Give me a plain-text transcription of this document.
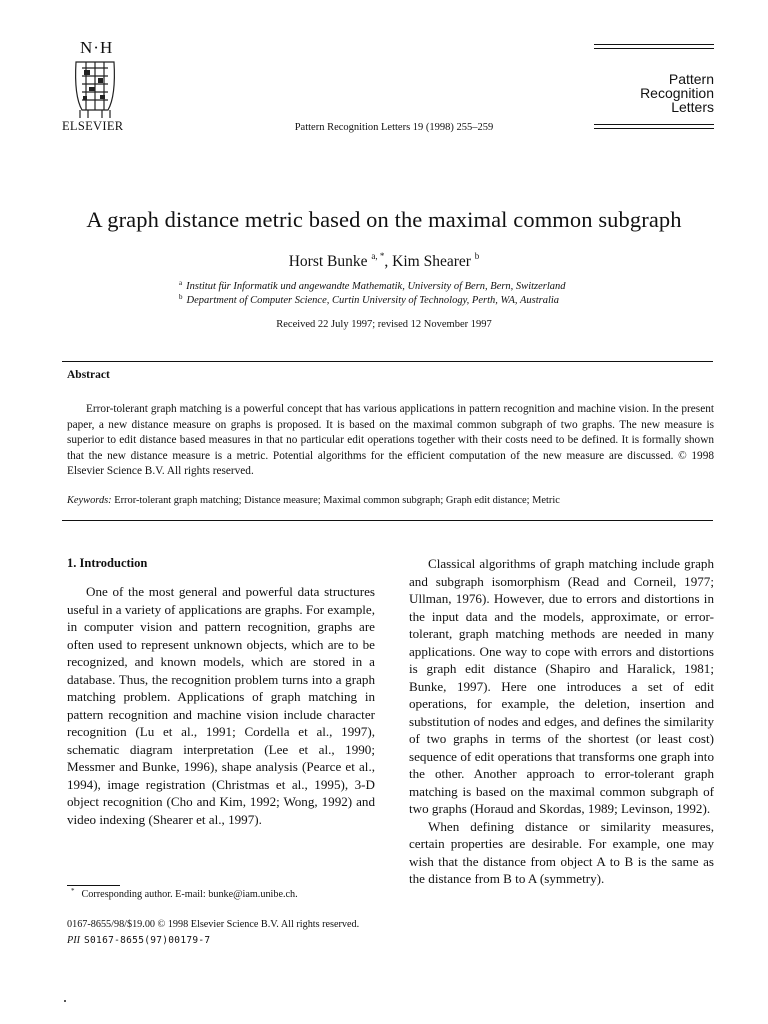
N·H
ELSEVIER	Pattern Recognition Letters 19 (1998) 255–259
Pattern Recognition
Letters
A graph distance metric based on the maximal common subgraph
Horst Bunke $^{a, *}$, Kim Shearer $^b$
$^a$ Institut für Informatik und angewandte Mathematik, University of Bern, Bern, Switzerland
$^b$ Department of Computer Science, Curtin University of Technology, Perth, WA, Australia
Received 22 July 1997; revised 12 November 1997
Abstract

Error-tolerant graph matching is a powerful concept that has various applications in pattern recognition and machine vision. In the present paper, a new distance measure on graphs is proposed. It is based on the maximal common subgraph of two graphs. The new measure is superior to edit distance based measures in that no particular edit operations together with their costs need to be defined. It is formally shown that the new distance measure is a metric. Potential algorithms for the efficient computation of the new measure are discussed. © 1998 Elsevier Science B.V. All rights reserved.

Keywords: Error-tolerant graph matching; Distance measure; Maximal common subgraph; Graph edit distance; Metric
1. Introduction

One of the most general and powerful data structures useful in a variety of applications are graphs. For example, in computer vision and pattern recognition, graphs are often used to represent unknown objects, which are to be recognized, and known models, which are stored in a database. Thus, the recognition problem turns into a graph matching problem. Applications of graph matching in pattern recognition and machine vision include character recognition (Lu et al., 1991; Cordella et al., 1997), schematic diagram interpretation (Lee et al., 1990; Messmer and Bunke, 1996), shape analysis (Pearce et al., 1994), image registration (Christmas et al., 1995), 3-D object recognition (Cho and Kim, 1992; Wong, 1992) and video indexing (Shearer et al., 1997).

Classical algorithms of graph matching include graph and subgraph isomorphism (Read and Corneil, 1977; Ullman, 1976). However, due to errors and distortions in the input data and the models, approximate, or error-tolerant, graph matching methods are needed in many applications. One way to cope with errors and distortions is graph edit distance (Shapiro and Haralick, 1981; Bunke, 1997). Here one introduces a set of edit operations, for example, the deletion, insertion and substitution of nodes and edges, and defines the similarity of two graphs in terms of the shortest (or least cost) sequence of edit operations that transforms one graph into the other. Another approach to error-tolerant graph matching is based on the maximal common subgraph of two graphs (Horaud and Skordas, 1989; Levinson, 1992).

When defining distance or similarity measures, certain properties are desirable. For example, one may wish that the distance from object A to B is the same as the distance from B to A (symmetry).

* Corresponding author. E-mail: bunke@iam.unibe.ch.
0167-8655/98/$19.00 © 1998 Elsevier Science B.V. All rights reserved.
PII S0167-8655(97)00179-7
